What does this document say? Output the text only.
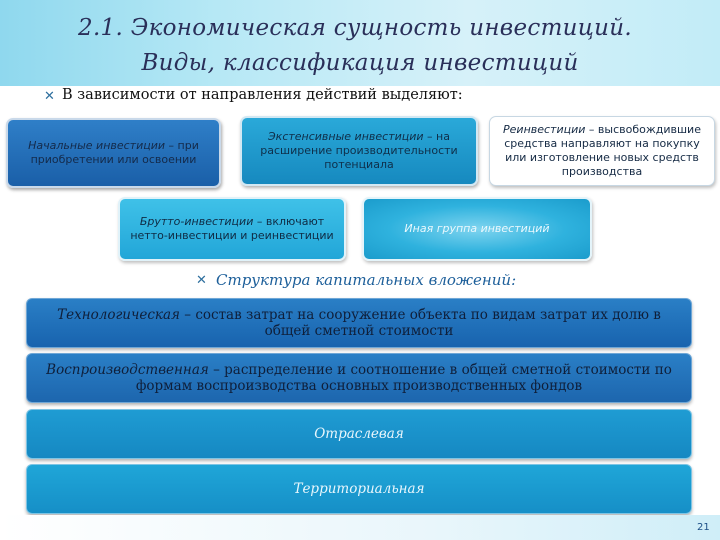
2.1. Экономическая сущность инвестиций.
Виды, классификация инвестиций
✕ В зависимости от направления действий выделяют:
Начальные инвестиции – при приобретении или освоении
Экстенсивные инвестиции – на расширение производительности потенциала
Реинвестиции – высвобождившие средства направляют на покупку или изготовление новых средств производства
Брутто-инвестиции – включают нетто-инвестиции и реинвестиции
Иная группа инвестиций
✕ Структура капитальных вложений:
Технологическая – состав затрат на сооружение объекта по видам затрат их долю в общей сметной стоимости
Воспроизводственная – распределение и соотношение в общей сметной стоимости по формам воспроизводства основных производственных фондов
Отраслевая
Территориальная
21
